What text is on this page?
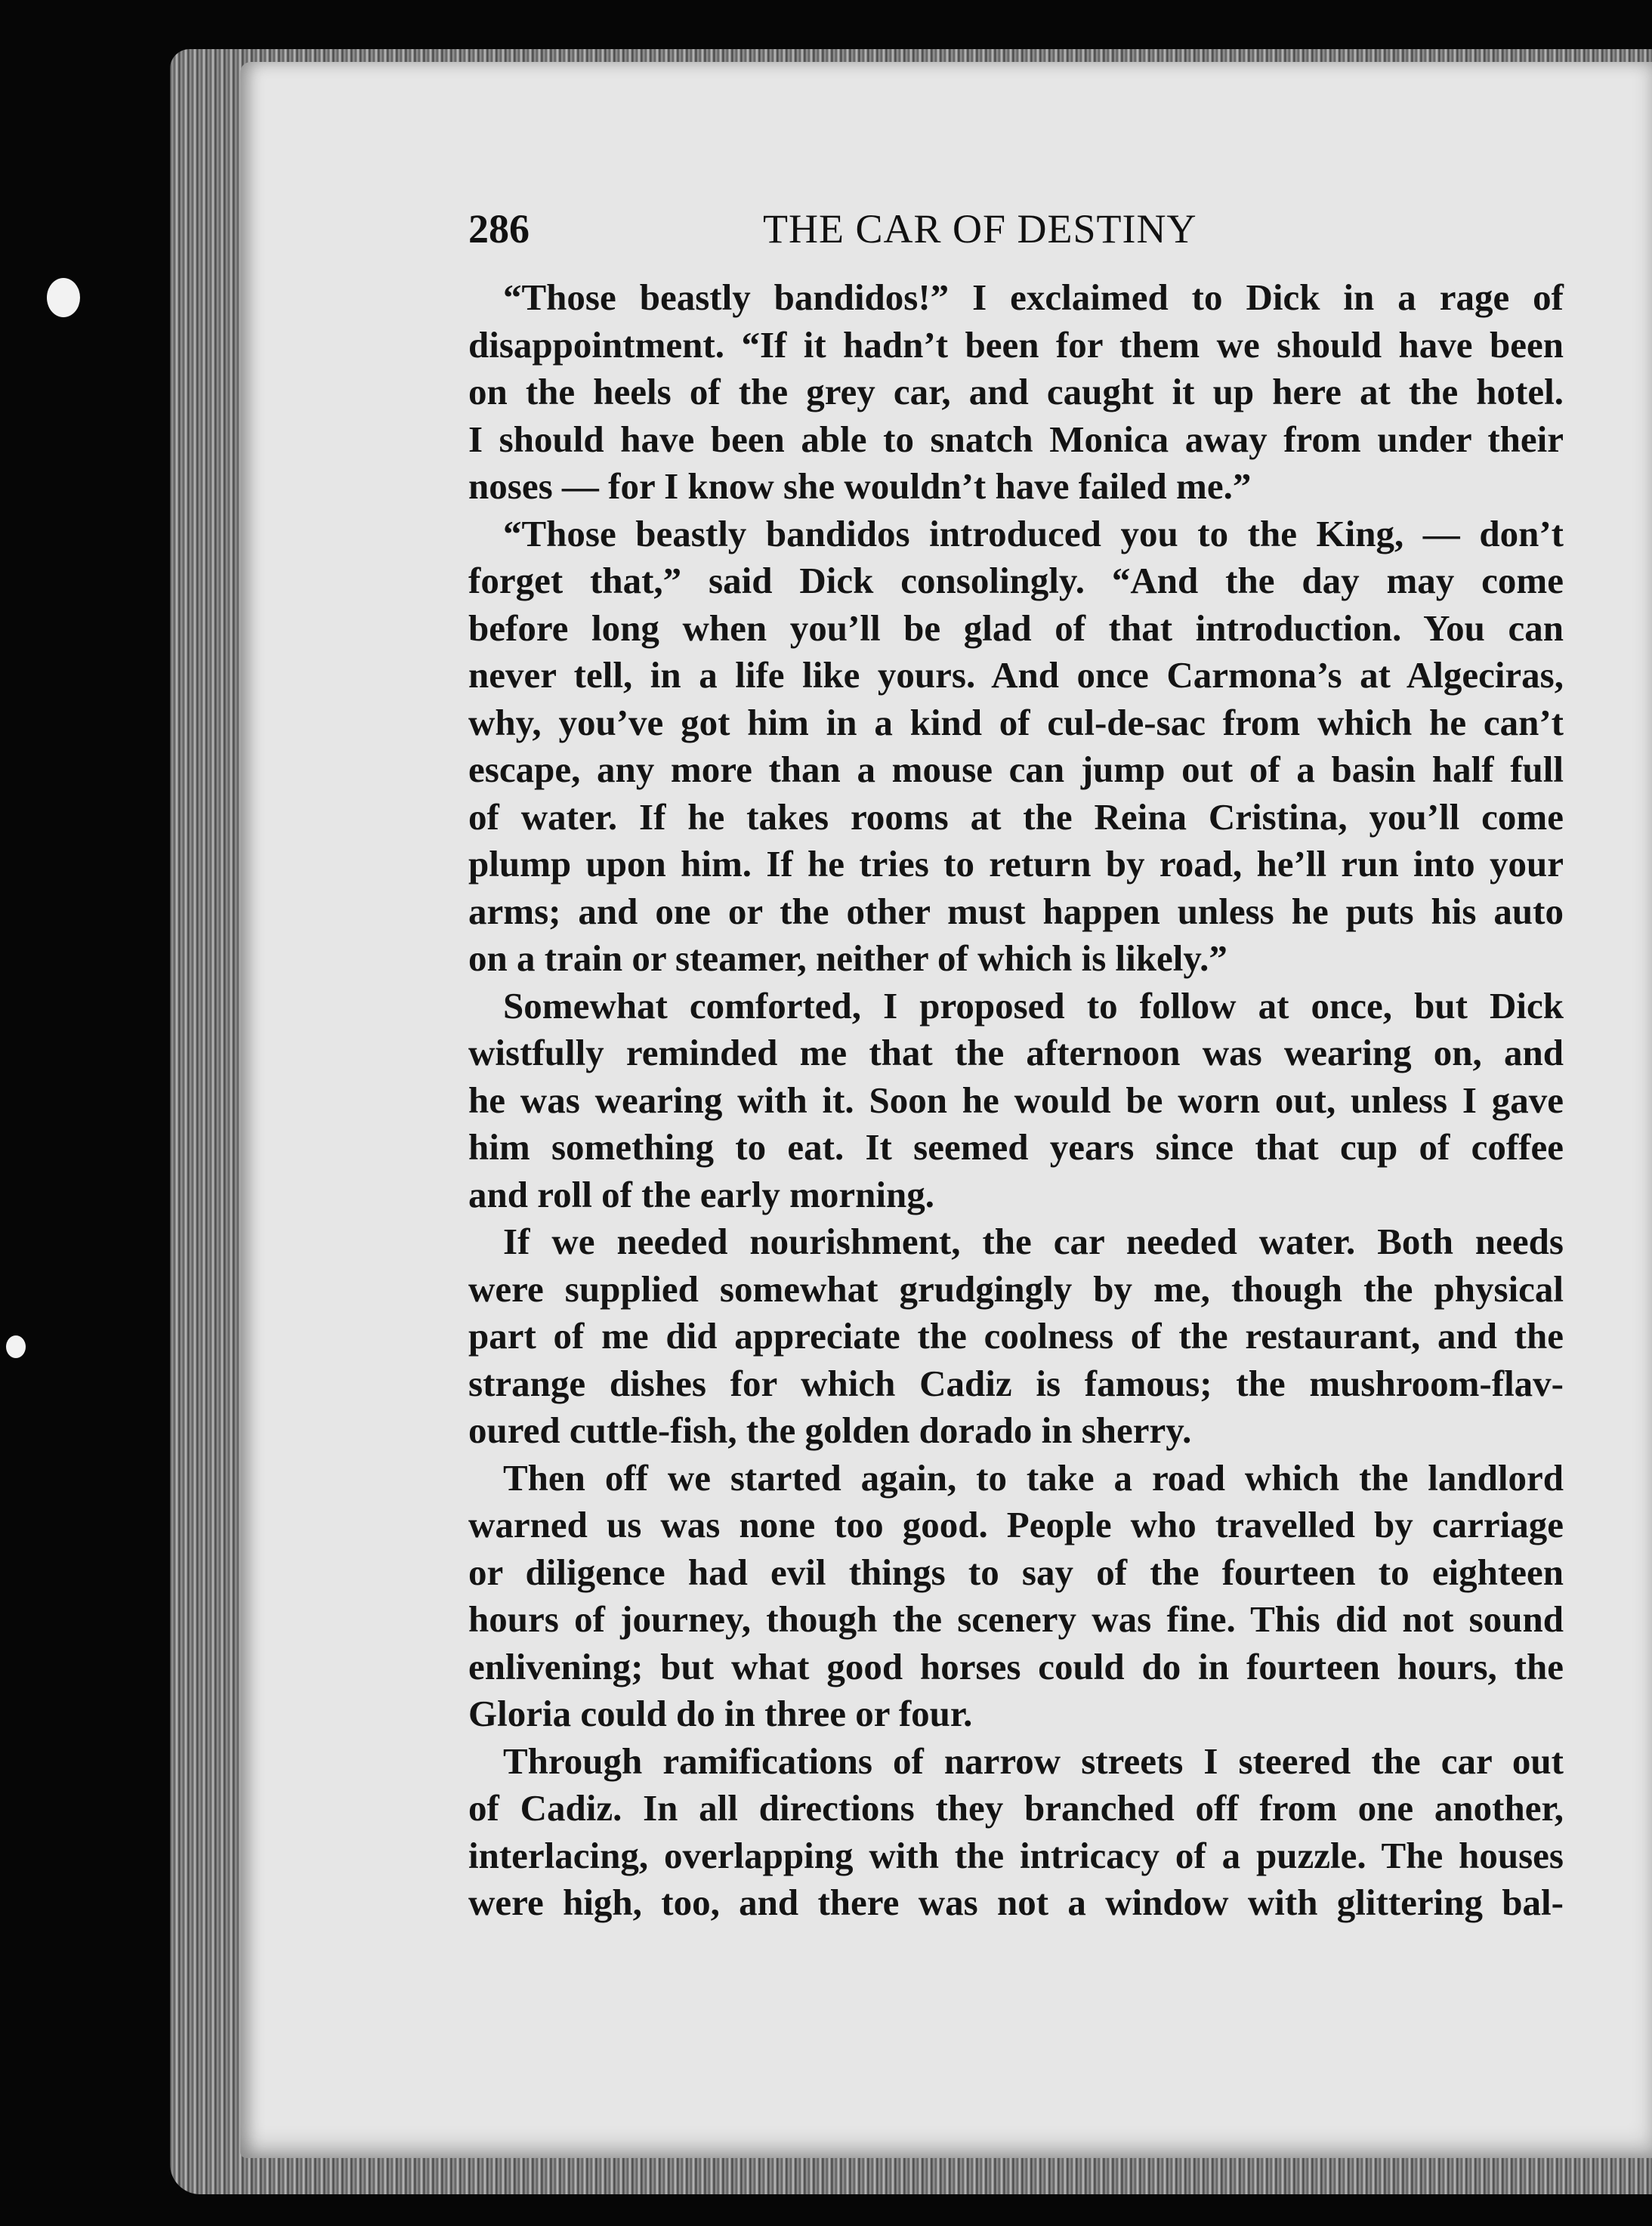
286	THE CAR OF DESTINY
“Those beastly bandidos!” I exclaimed to Dick in a rage of
disappointment. “If it hadn’t been for them we should have been
on the heels of the grey car, and caught it up here at the hotel.
I should have been able to snatch Monica away from under their
noses — for I know she wouldn’t have failed me.”
“Those beastly bandidos introduced you to the King, — don’t
forget that,” said Dick consolingly. “And the day may come
before long when you’ll be glad of that introduction. You can
never tell, in a life like yours. And once Carmona’s at Algeciras,
why, you’ve got him in a kind of cul-de-sac from which he can’t
escape, any more than a mouse can jump out of a basin half full
of water. If he takes rooms at the Reina Cristina, you’ll come
plump upon him. If he tries to return by road, he’ll run into your
arms; and one or the other must happen unless he puts his auto
on a train or steamer, neither of which is likely.”
Somewhat comforted, I proposed to follow at once, but Dick
wistfully reminded me that the afternoon was wearing on, and
he was wearing with it. Soon he would be worn out, unless I gave
him something to eat. It seemed years since that cup of coffee
and roll of the early morning.
If we needed nourishment, the car needed water. Both needs
were supplied somewhat grudgingly by me, though the physical
part of me did appreciate the coolness of the restaurant, and the
strange dishes for which Cadiz is famous; the mushroom-flav-
oured cuttle-fish, the golden dorado in sherry.
Then off we started again, to take a road which the landlord
warned us was none too good. People who travelled by carriage
or diligence had evil things to say of the fourteen to eighteen
hours of journey, though the scenery was fine. This did not sound
enlivening; but what good horses could do in fourteen hours, the
Gloria could do in three or four.
Through ramifications of narrow streets I steered the car out
of Cadiz. In all directions they branched off from one another,
interlacing, overlapping with the intricacy of a puzzle. The houses
were high, too, and there was not a window with glittering bal-
